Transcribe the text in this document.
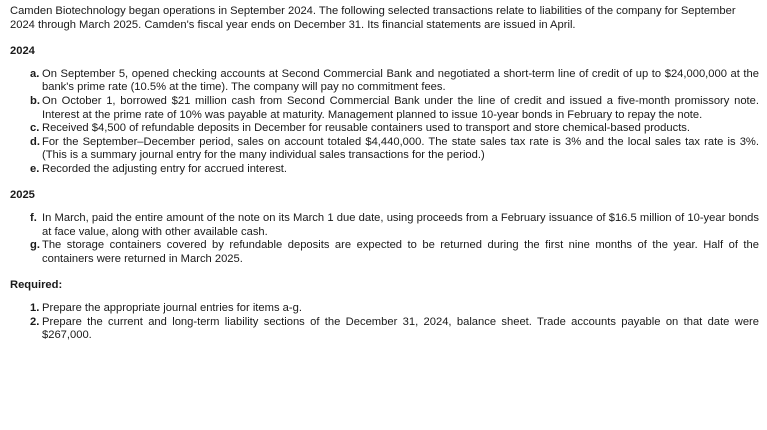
Camden Biotechnology began operations in September 2024. The following selected transactions relate to liabilities of the company for September 2024 through March 2025. Camden's fiscal year ends on December 31. Its financial statements are issued in April.

2024
a. On September 5, opened checking accounts at Second Commercial Bank and negotiated a short-term line of credit of up to $24,000,000 at the bank's prime rate (10.5% at the time). The company will pay no commitment fees.
b. On October 1, borrowed $21 million cash from Second Commercial Bank under the line of credit and issued a five-month promissory note. Interest at the prime rate of 10% was payable at maturity. Management planned to issue 10-year bonds in February to repay the note.
c. Received $4,500 of refundable deposits in December for reusable containers used to transport and store chemical-based products.
d. For the September–December period, sales on account totaled $4,440,000. The state sales tax rate is 3% and the local sales tax rate is 3%. (This is a summary journal entry for the many individual sales transactions for the period.)
e. Recorded the adjusting entry for accrued interest.
2025
f. In March, paid the entire amount of the note on its March 1 due date, using proceeds from a February issuance of $16.5 million of 10-year bonds at face value, along with other available cash.
g. The storage containers covered by refundable deposits are expected to be returned during the first nine months of the year. Half of the containers were returned in March 2025.
Required:
1. Prepare the appropriate journal entries for items a-g.
2. Prepare the current and long-term liability sections of the December 31, 2024, balance sheet. Trade accounts payable on that date were $267,000.
